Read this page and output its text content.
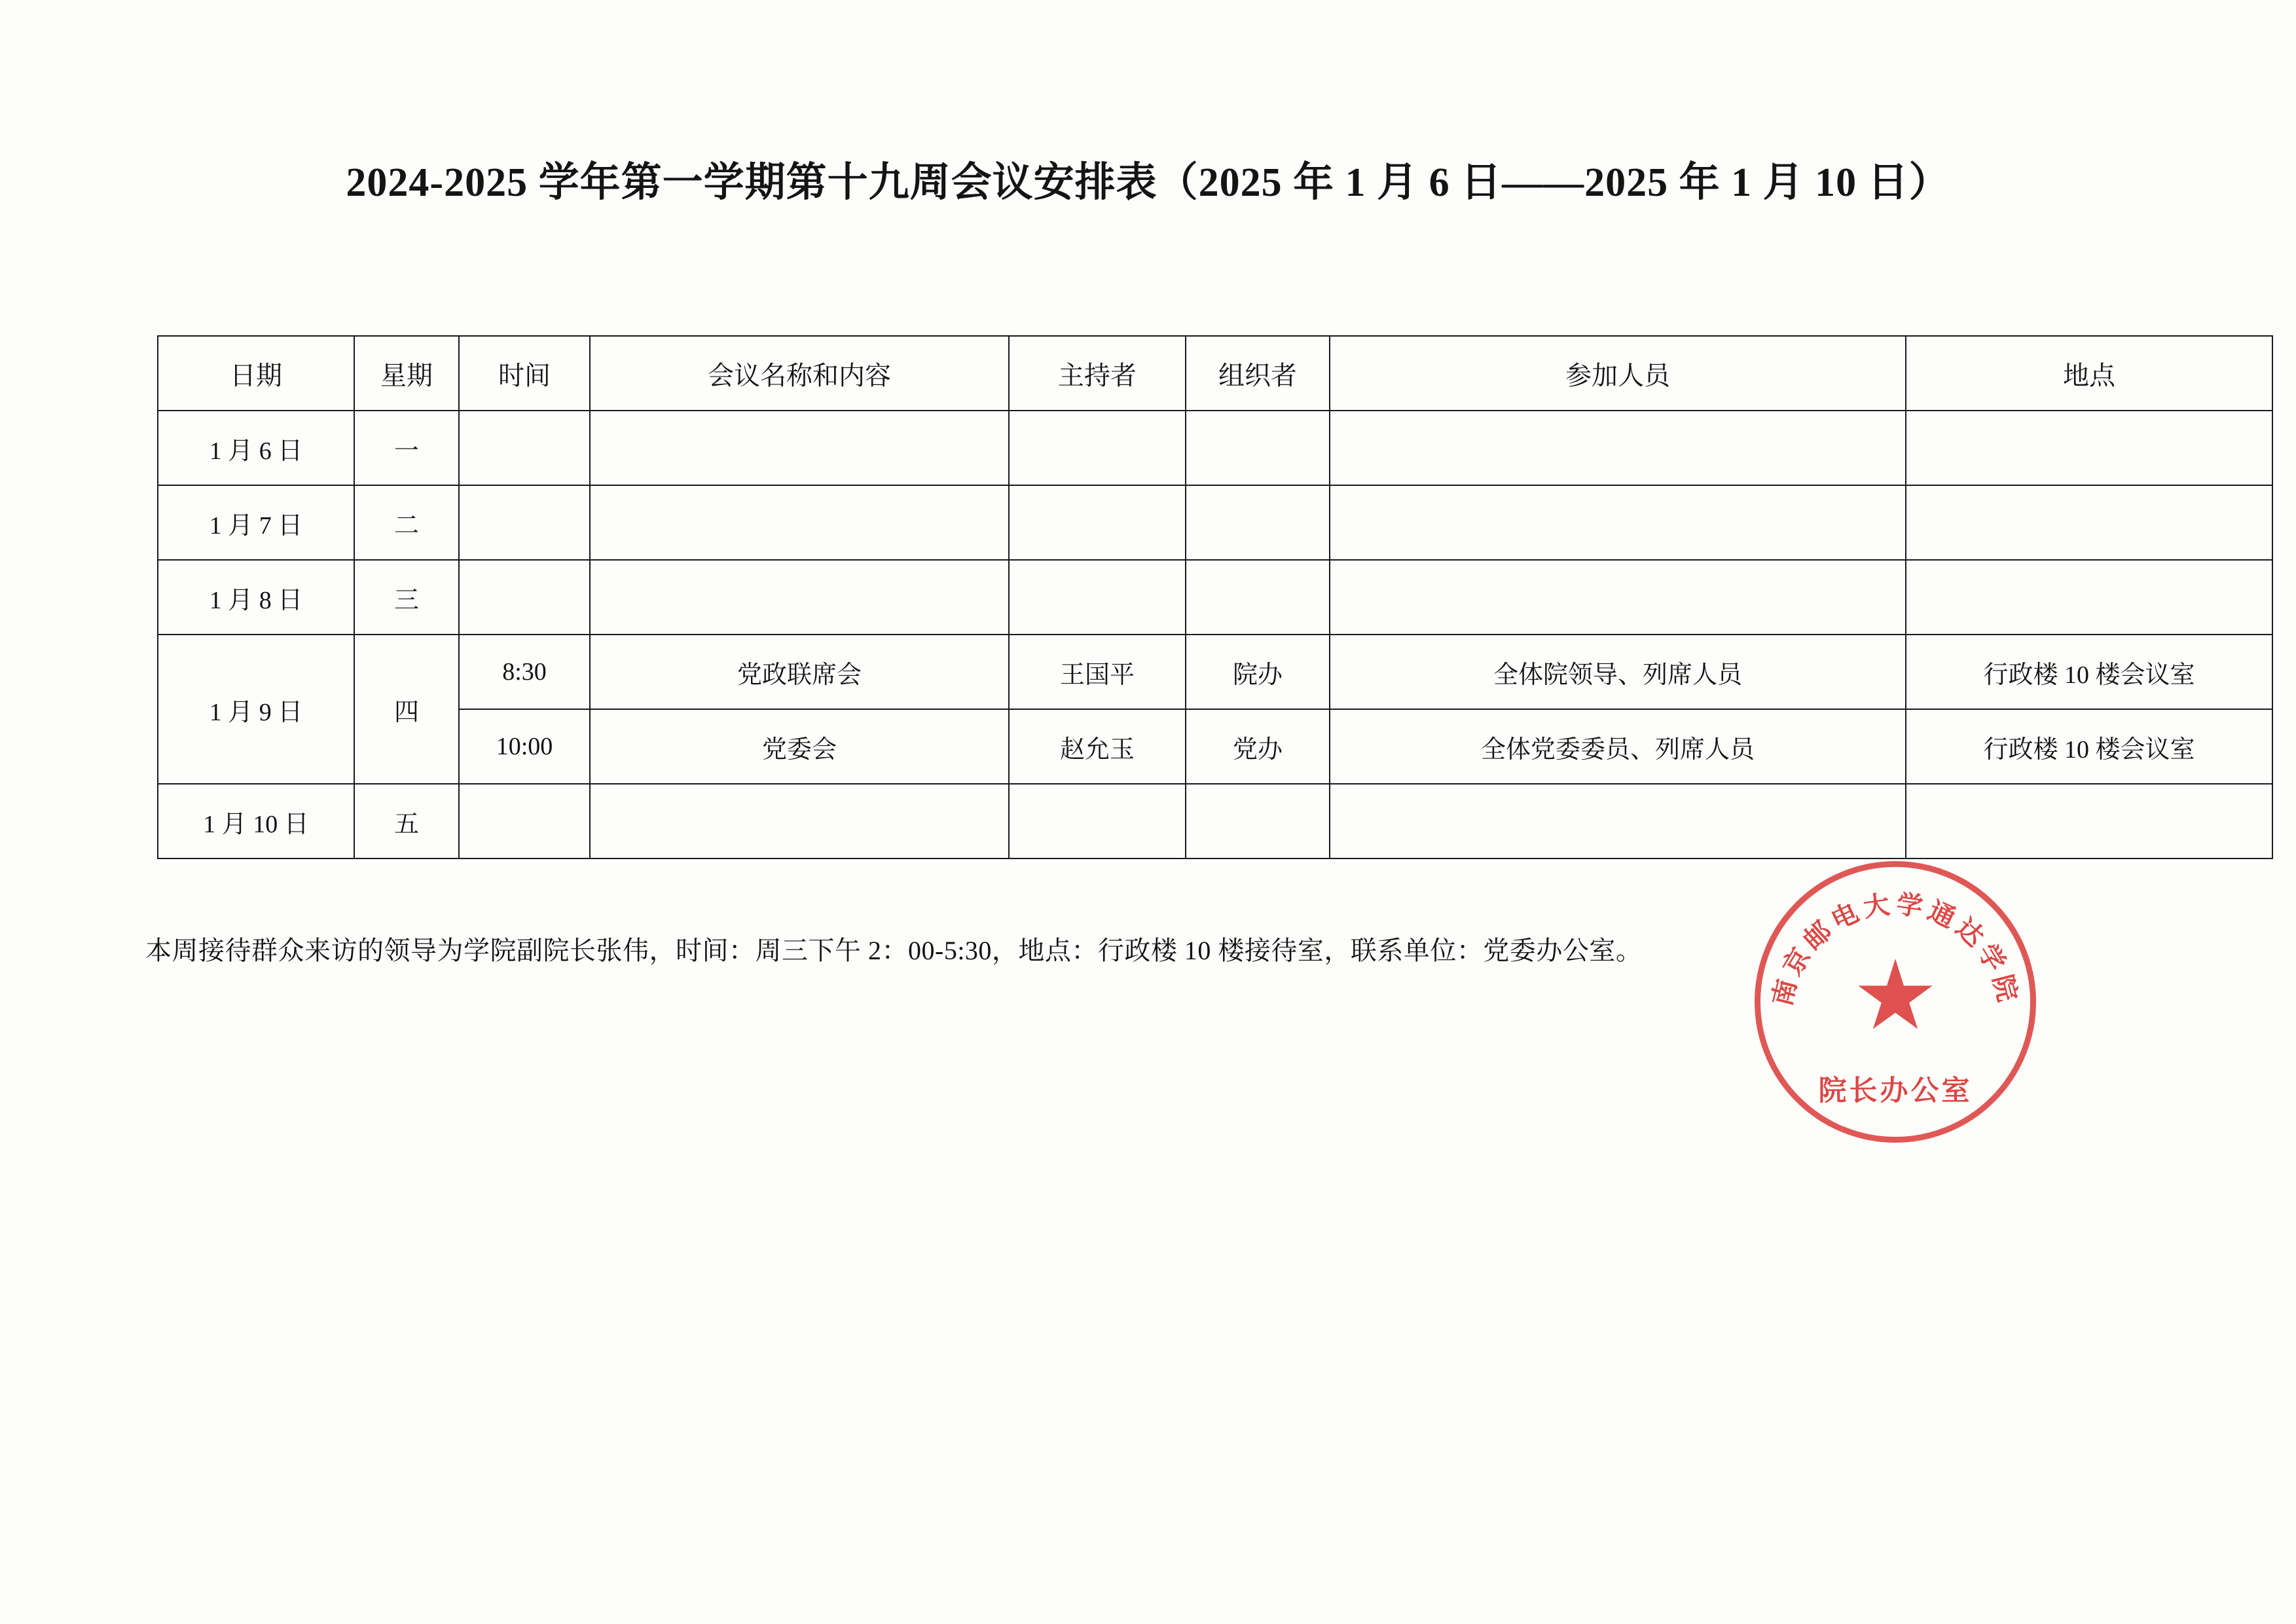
2024-2025 学年第一学期第十九周会议安排表（2025 年 1 月 6 日——2025 年 1 月 10 日）
日期	星期	时间	会议名称和内容	主持者	组织者	参加人员	地点
1 月 6 日	一						
1 月 7 日	二						
1 月 8 日	三						
1 月 9 日	四	8:30	党政联席会	王国平	院办	全体院领导、列席人员	行政楼 10 楼会议室
		10:00	党委会	赵允玉	党办	全体党委委员、列席人员	行政楼 10 楼会议室
1 月 10 日	五						
本周接待群众来访的领导为学院副院长张伟，时间：周三下午 2：00-5:30，地点：行政楼 10 楼接待室，联系单位：党委办公室。
南京邮电大学通达学院
院长办公室
